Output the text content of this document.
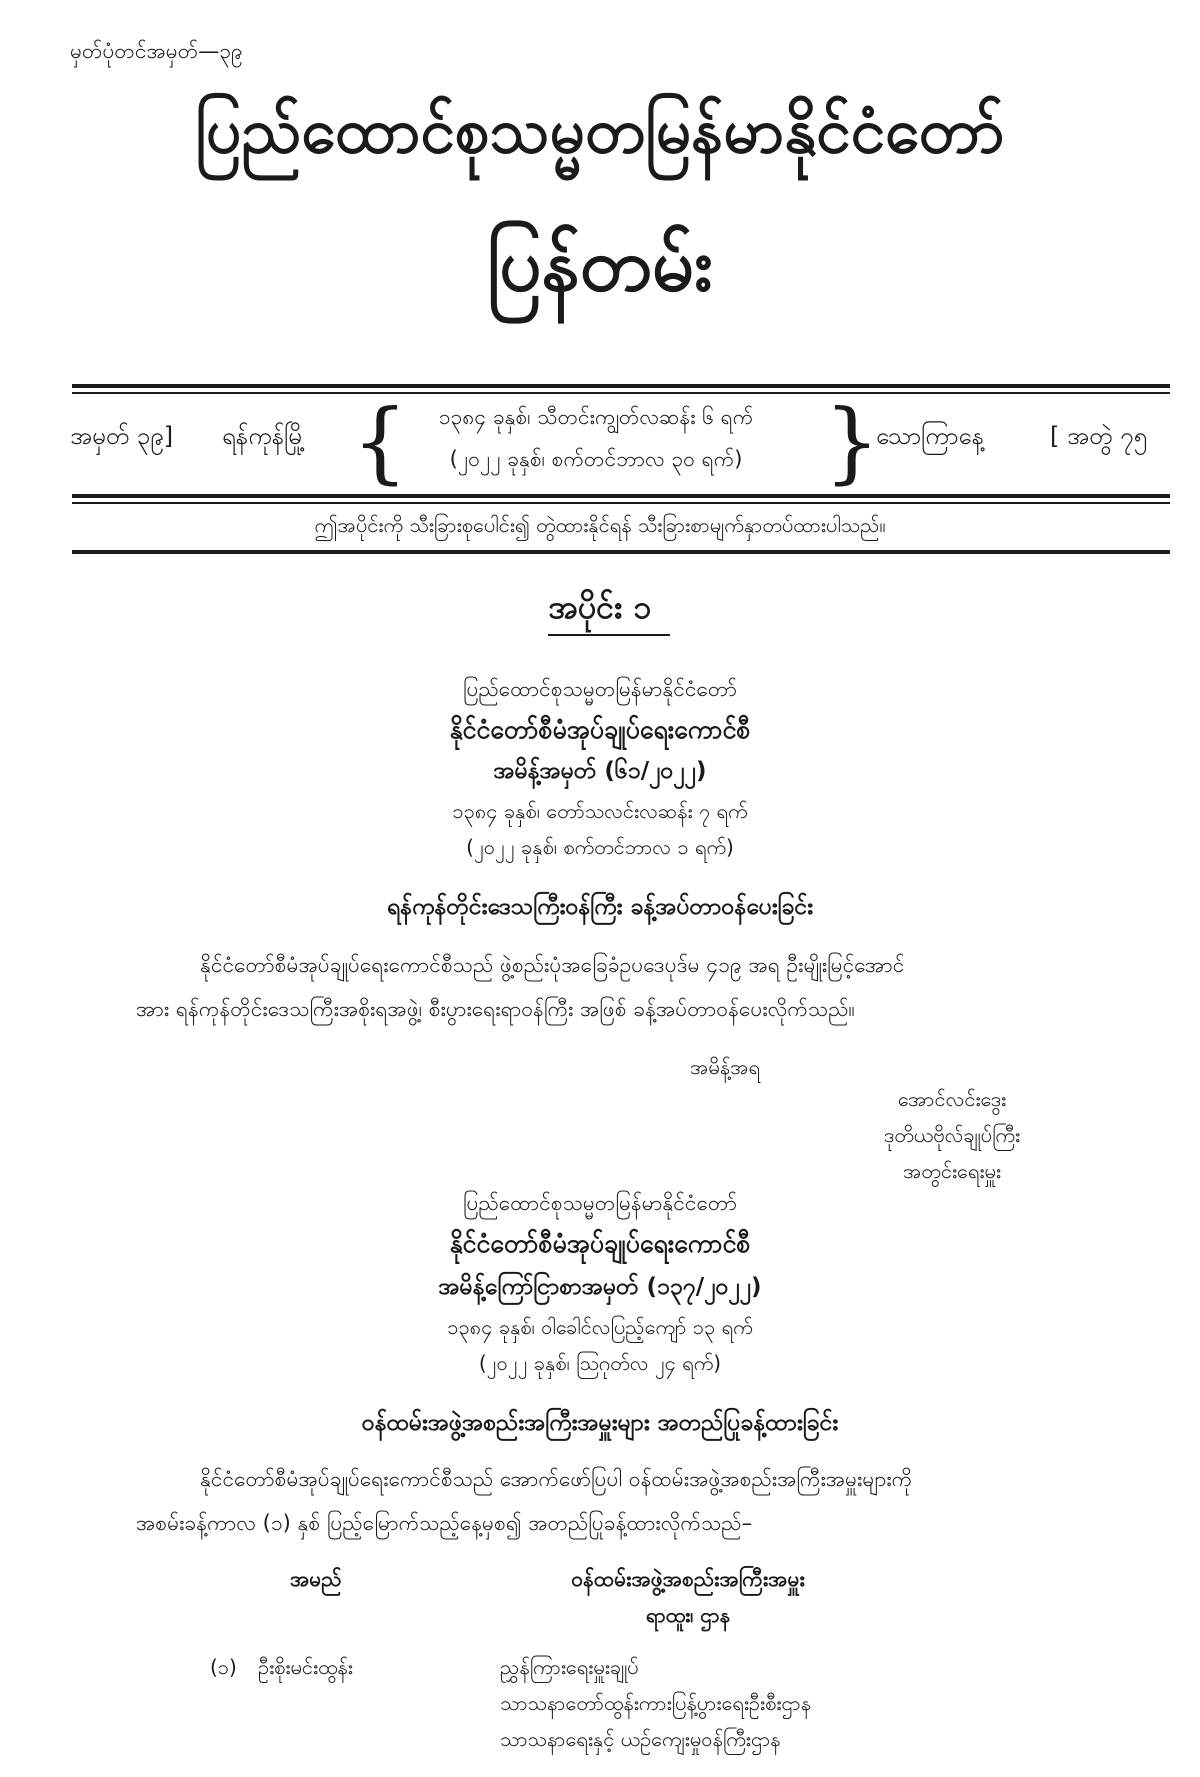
မှတ်ပုံတင်အမှတ်—၃၉
ပြည်ထောင်စုသမ္မတမြန်မာနိုင်ငံတော်
ပြန်တမ်း
အမှတ် ၃၉] ရန်ကုန်မြို့ {	၁၃၈၄ ခုနှစ်၊ သီတင်းကျွတ်လဆန်း ၆ ရက်
(၂၀၂၂ ခုနှစ်၊ စက်တင်ဘာလ ၃၀ ရက်) }
သောကြာနေ့	[ အတွဲ ၇၅
ဤအပိုင်းကို သီးခြားစုပေါင်း၍ တွဲထားနိုင်ရန် သီးခြားစာမျက်နှာတပ်ထားပါသည်။
အပိုင်း ၁
ပြည်ထောင်စုသမ္မတမြန်မာနိုင်ငံတော်
နိုင်ငံတော်စီမံအုပ်ချုပ်ရေးကောင်စီ
အမိန့်အမှတ် (၆၁/၂၀၂၂)
၁၃၈၄ ခုနှစ်၊ တော်သလင်းလဆန်း ၇ ရက်
(၂၀၂၂ ခုနှစ်၊ စက်တင်ဘာလ ၁ ရက်)
ရန်ကုန်တိုင်းဒေသကြီးဝန်ကြီး ခန့်အပ်တာဝန်ပေးခြင်း
နိုင်ငံတော်စီမံအုပ်ချုပ်ရေးကောင်စီသည် ဖွဲ့စည်းပုံအခြေခံဥပဒေပုဒ်မ ၄၁၉ အရ ဦးမျိုးမြင့်အောင်
အား ရန်ကုန်တိုင်းဒေသကြီးအစိုးရအဖွဲ့၊ စီးပွားရေးရာဝန်ကြီး အဖြစ် ခန့်အပ်တာဝန်ပေးလိုက်သည်။
အမိန့်အရ
အောင်လင်းဒွေး
ဒုတိယဗိုလ်ချုပ်ကြီး
အတွင်းရေးမှူး
ပြည်ထောင်စုသမ္မတမြန်မာနိုင်ငံတော်
နိုင်ငံတော်စီမံအုပ်ချုပ်ရေးကောင်စီ
အမိန့်ကြော်ငြာစာအမှတ် (၁၃၇/၂၀၂၂)
၁၃၈၄ ခုနှစ်၊ ဝါခေါင်လပြည့်ကျော် ၁၃ ရက်
(၂၀၂၂ ခုနှစ်၊ ဩဂုတ်လ ၂၄ ရက်)
ဝန်ထမ်းအဖွဲ့အစည်းအကြီးအမှူးများ အတည်ပြုခန့်ထားခြင်း
နိုင်ငံတော်စီမံအုပ်ချုပ်ရေးကောင်စီသည် အောက်ဖော်ပြပါ ဝန်ထမ်းအဖွဲ့အစည်းအကြီးအမှူးများကို
အစမ်းခန့်ကာလ (၁) နှစ် ပြည့်မြောက်သည့်နေ့မှစ၍ အတည်ပြုခန့်ထားလိုက်သည်–
အမည်	ဝန်ထမ်းအဖွဲ့အစည်းအကြီးအမှူး
ရာထူး၊ ဌာန
(၁) ဦးစိုးမင်းထွန်း	ညွှန်ကြားရေးမှူးချုပ်
သာသနာတော်ထွန်းကားပြန့်ပွားရေးဦးစီးဌာန
သာသနာရေးနှင့် ယဉ်ကျေးမှုဝန်ကြီးဌာန
